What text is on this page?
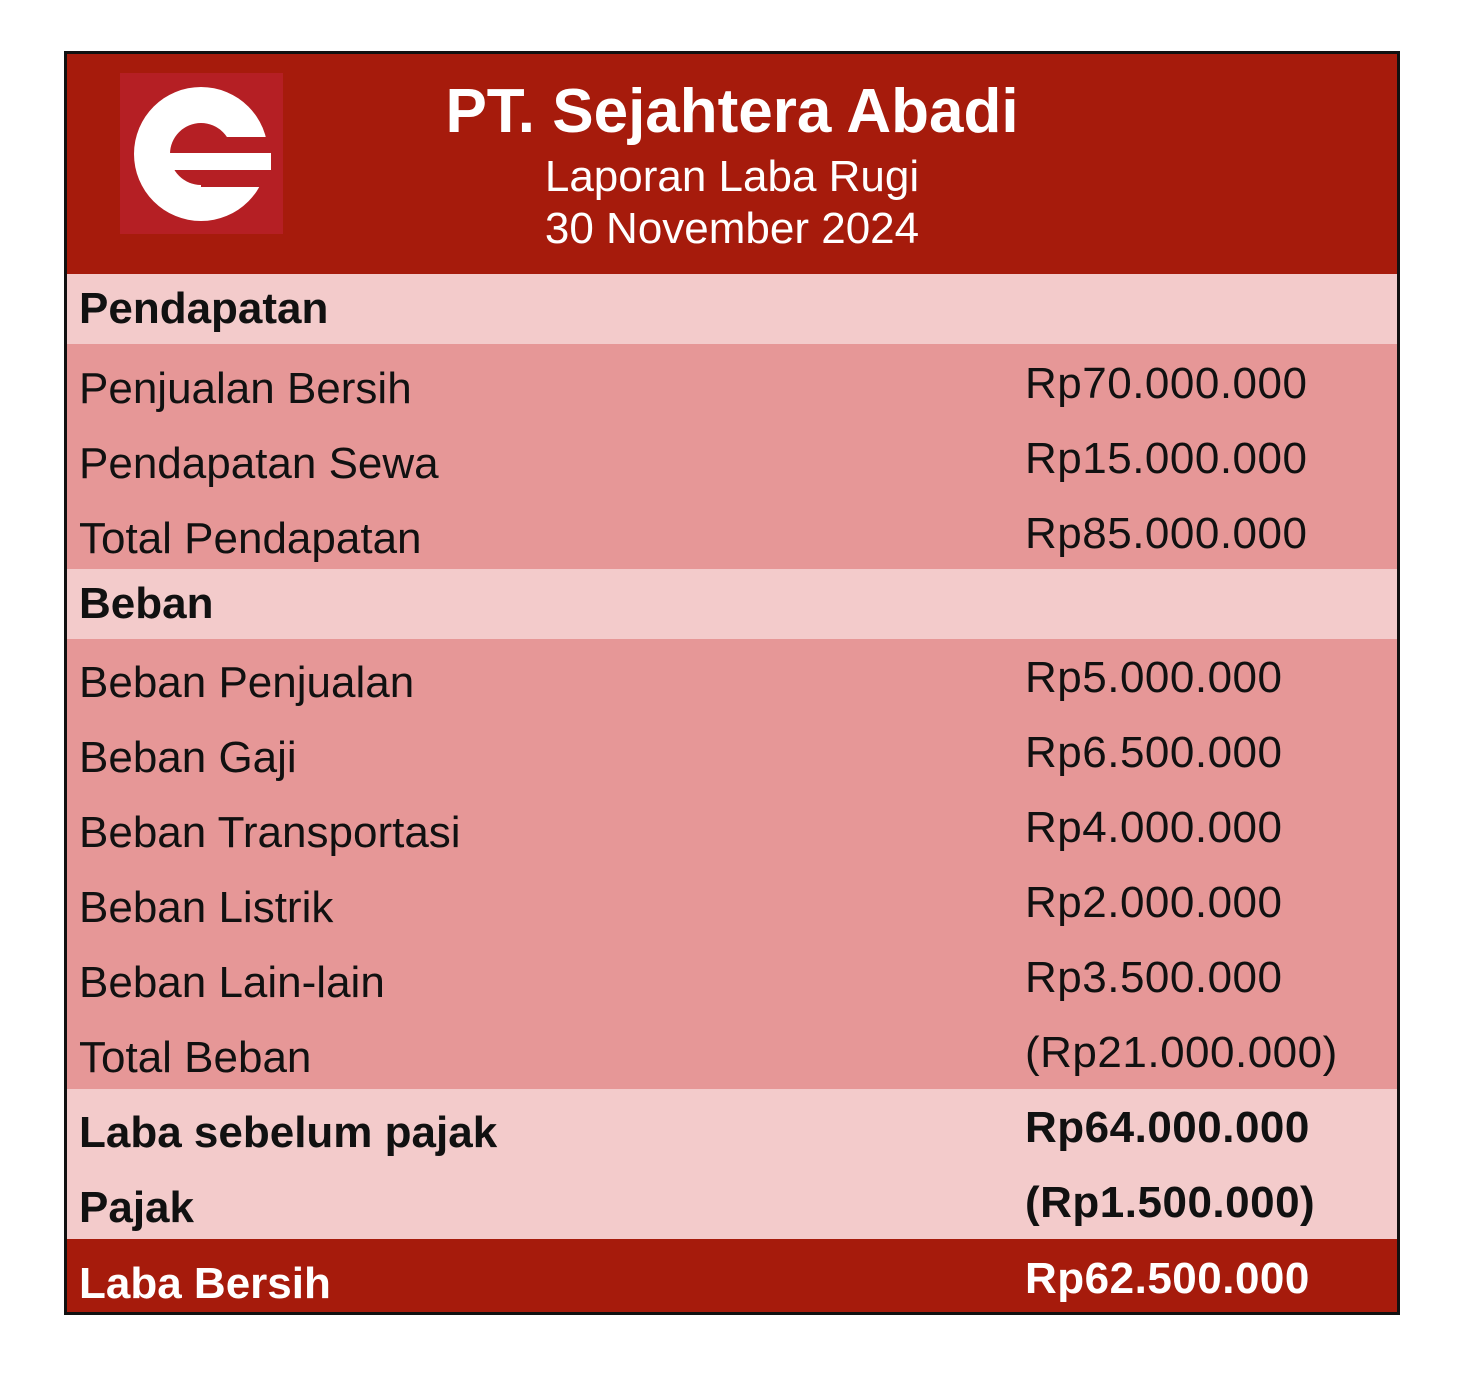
PT. Sejahtera Abadi
Laporan Laba Rugi
30 November 2024
Pendapatan
Penjualan Bersih	Rp70.000.000
Pendapatan Sewa	Rp15.000.000
Total Pendapatan	Rp85.000.000
Beban
Beban Penjualan	Rp5.000.000
Beban Gaji	Rp6.500.000
Beban Transportasi	Rp4.000.000
Beban Listrik	Rp2.000.000
Beban Lain-lain	Rp3.500.000
Total Beban	(Rp21.000.000)
Laba sebelum pajak	Rp64.000.000
Pajak	(Rp1.500.000)
Laba Bersih	Rp62.500.000
